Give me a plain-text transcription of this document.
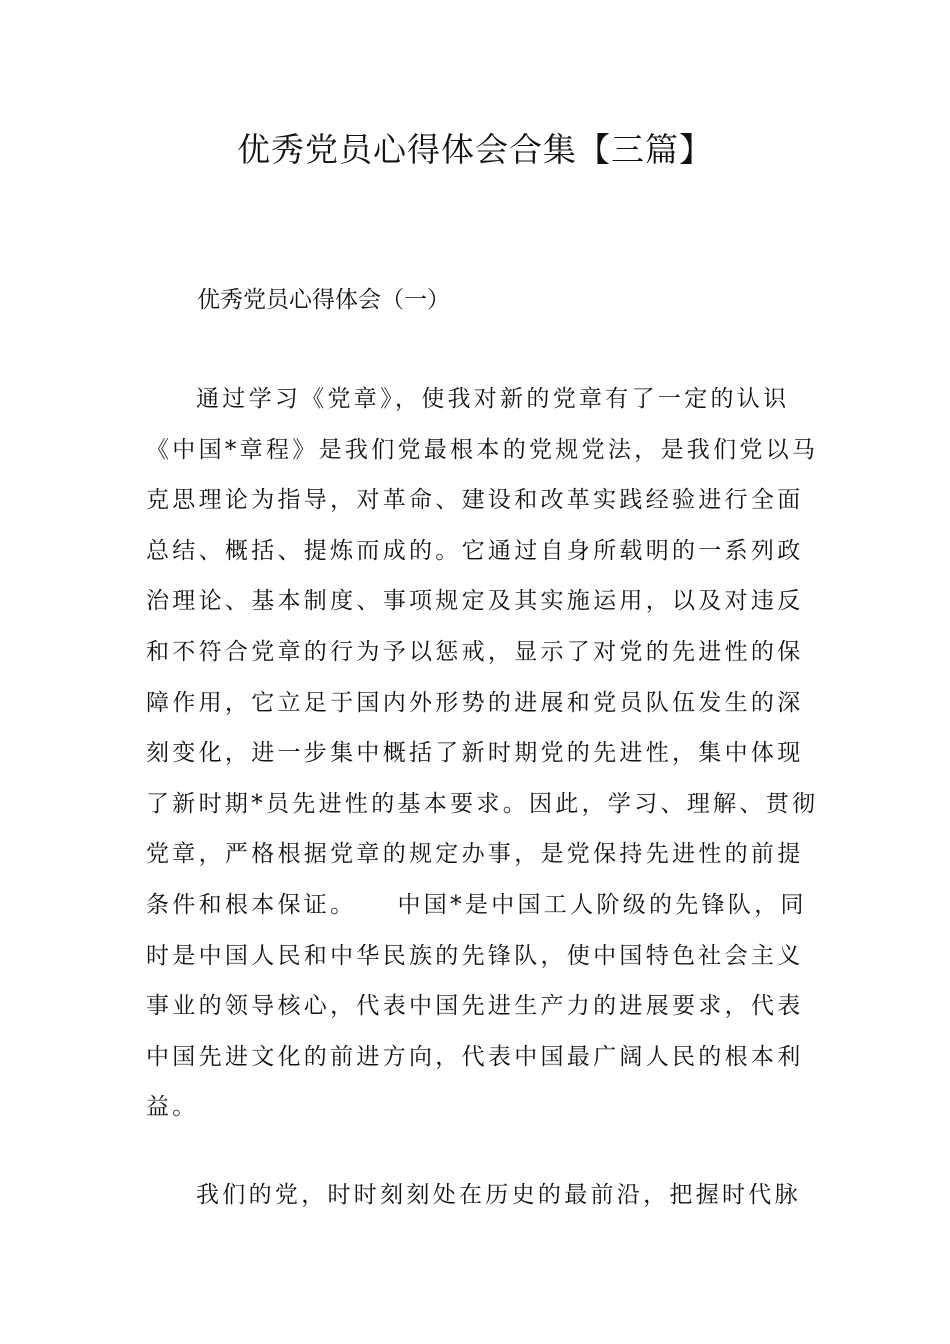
优秀党员心得体会合集【三篇】

优秀党员心得体会（一）

通过学习《党章》，使我对新的党章有了一定的认识
《中国*章程》是我们党最根本的党规党法，是我们党以马
克思理论为指导，对革命、建设和改革实践经验进行全面
总结、概括、提炼而成的。它通过自身所载明的一系列政
治理论、基本制度、事项规定及其实施运用，以及对违反
和不符合党章的行为予以惩戒，显示了对党的先进性的保
障作用，它立足于国内外形势的进展和党员队伍发生的深
刻变化，进一步集中概括了新时期党的先进性，集中体现
了新时期*员先进性的基本要求。因此，学习、理解、贯彻
党章，严格根据党章的规定办事，是党保持先进性的前提
条件和根本保证。　　中国*是中国工人阶级的先锋队，同
时是中国人民和中华民族的先锋队，使中国特色社会主义
事业的领导核心，代表中国先进生产力的进展要求，代表
中国先进文化的前进方向，代表中国最广阔人民的根本利
益。

我们的党，时时刻刻处在历史的最前沿，把握时代脉
